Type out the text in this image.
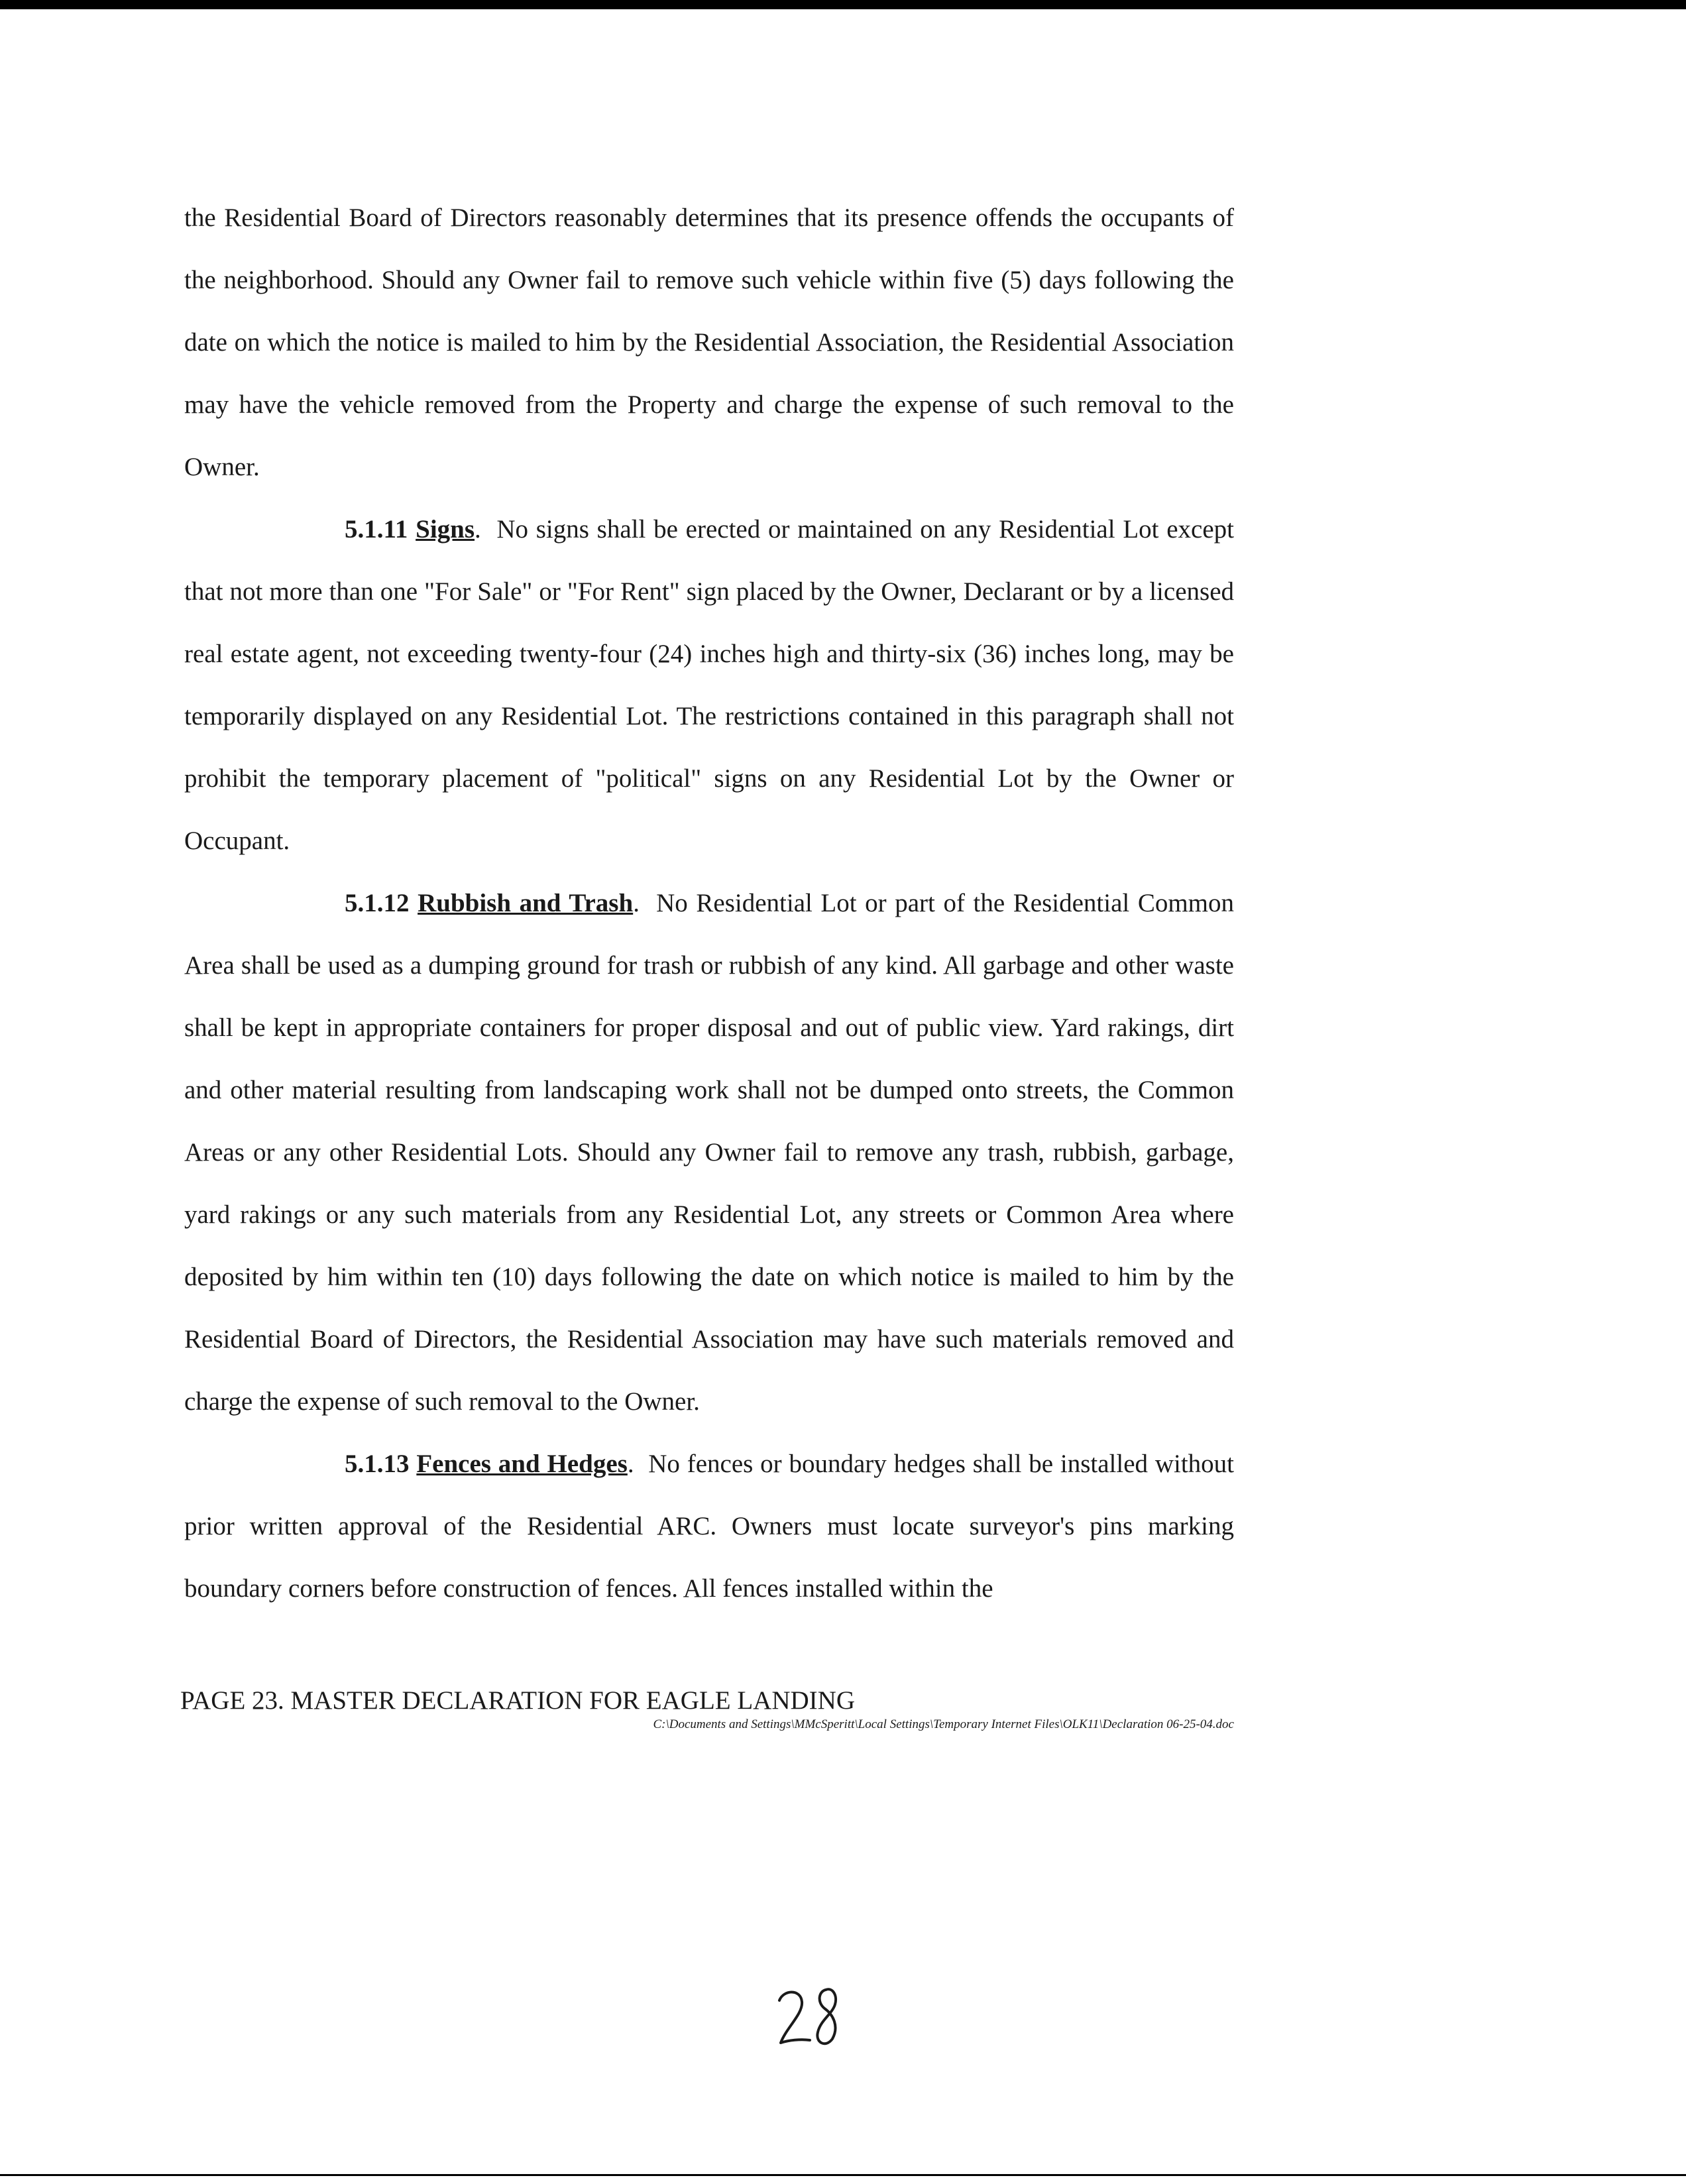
the Residential Board of Directors reasonably determines that its presence offends the occupants of the neighborhood. Should any Owner fail to remove such vehicle within five (5) days following the date on which the notice is mailed to him by the Residential Association, the Residential Association may have the vehicle removed from the Property and charge the expense of such removal to the Owner.

5.1.11 Signs.  No signs shall be erected or maintained on any Residential Lot except that not more than one "For Sale" or "For Rent" sign placed by the Owner, Declarant or by a licensed real estate agent, not exceeding twenty-four (24) inches high and thirty-six (36) inches long, may be temporarily displayed on any Residential Lot. The restrictions contained in this paragraph shall not prohibit the temporary placement of "political" signs on any Residential Lot by the Owner or Occupant.

5.1.12 Rubbish and Trash.  No Residential Lot or part of the Residential Common Area shall be used as a dumping ground for trash or rubbish of any kind. All garbage and other waste shall be kept in appropriate containers for proper disposal and out of public view. Yard rakings, dirt and other material resulting from landscaping work shall not be dumped onto streets, the Common Areas or any other Residential Lots. Should any Owner fail to remove any trash, rubbish, garbage, yard rakings or any such materials from any Residential Lot, any streets or Common Area where deposited by him within ten (10) days following the date on which notice is mailed to him by the Residential Board of Directors, the Residential Association may have such materials removed and charge the expense of such removal to the Owner.

5.1.13 Fences and Hedges.  No fences or boundary hedges shall be installed without prior written approval of the Residential ARC. Owners must locate surveyor's pins marking boundary corners before construction of fences. All fences installed within the

PAGE 23. MASTER DECLARATION FOR EAGLE LANDING

C:\Documents and Settings\MMcSperitt\Local Settings\Temporary Internet Files\OLK11\Declaration 06-25-04.doc
